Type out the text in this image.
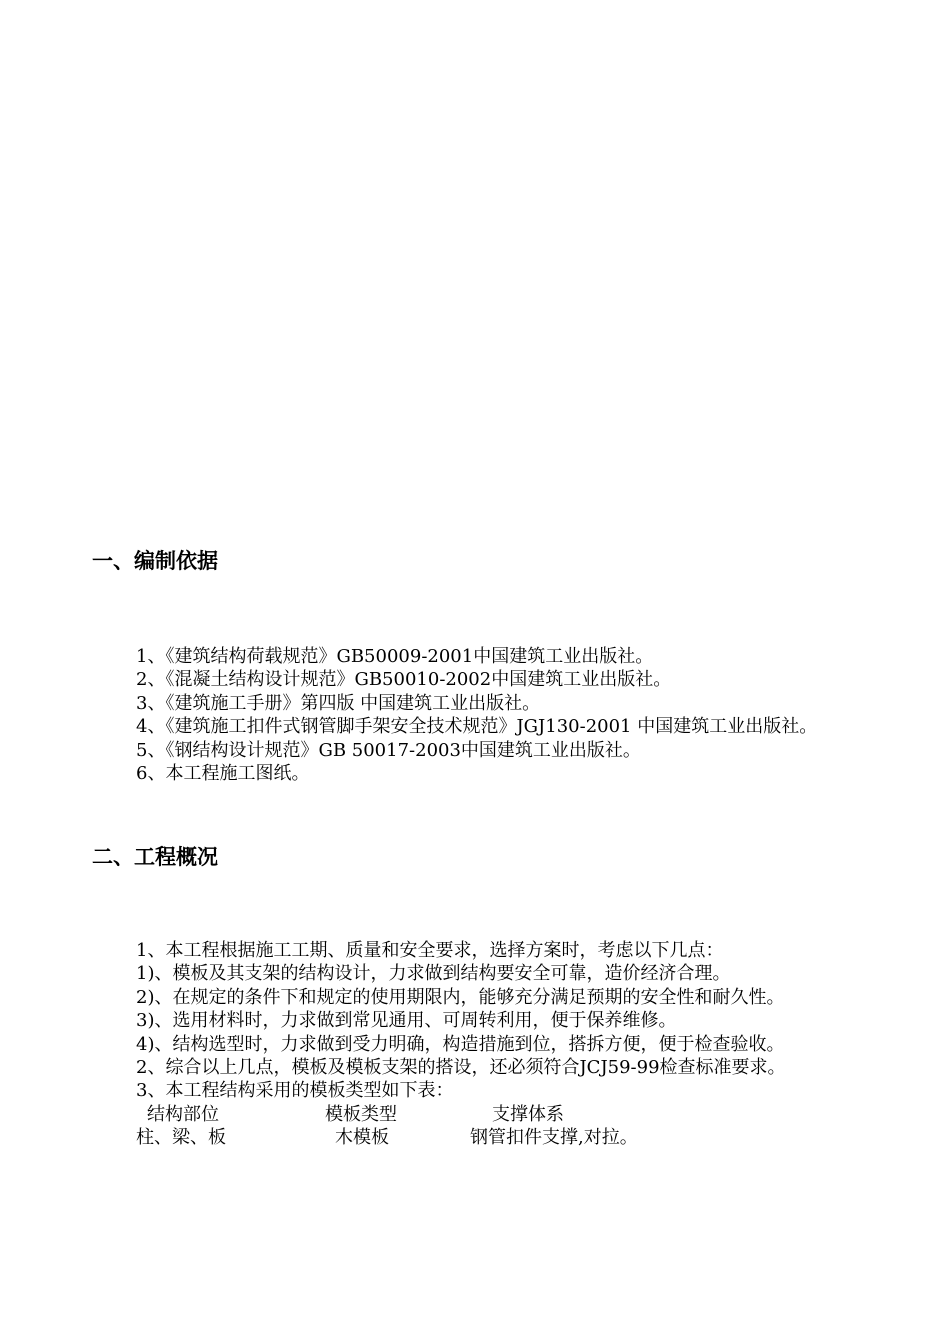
一、编制依据

1、《建筑结构荷载规范》GB50009-2001中国建筑工业出版社。

2、《混凝土结构设计规范》GB50010-2002中国建筑工业出版社。

3、《建筑施工手册》第四版 中国建筑工业出版社。

4、《建筑施工扣件式钢管脚手架安全技术规范》JGJ130-2001 中国建筑工业出版社。

5、《钢结构设计规范》GB 50017-2003中国建筑工业出版社。

6、本工程施工图纸。

二、工程概况

1、本工程根据施工工期、质量和安全要求，选择方案时，考虑以下几点：

1)、模板及其支架的结构设计，力求做到结构要安全可靠，造价经济合理。

2)、在规定的条件下和规定的使用期限内，能够充分满足预期的安全性和耐久性。

3)、选用材料时，力求做到常见通用、可周转利用，便于保养维修。

4)、结构选型时，力求做到受力明确，构造措施到位，搭拆方便，便于检查验收。

2、综合以上几点，模板及模板支架的搭设，还必须符合JCJ59-99检查标准要求。

3、本工程结构采用的模板类型如下表：

结构部位	模板类型	支撑体系
柱、梁、板	木模板	钢管扣件支撑,对拉。
